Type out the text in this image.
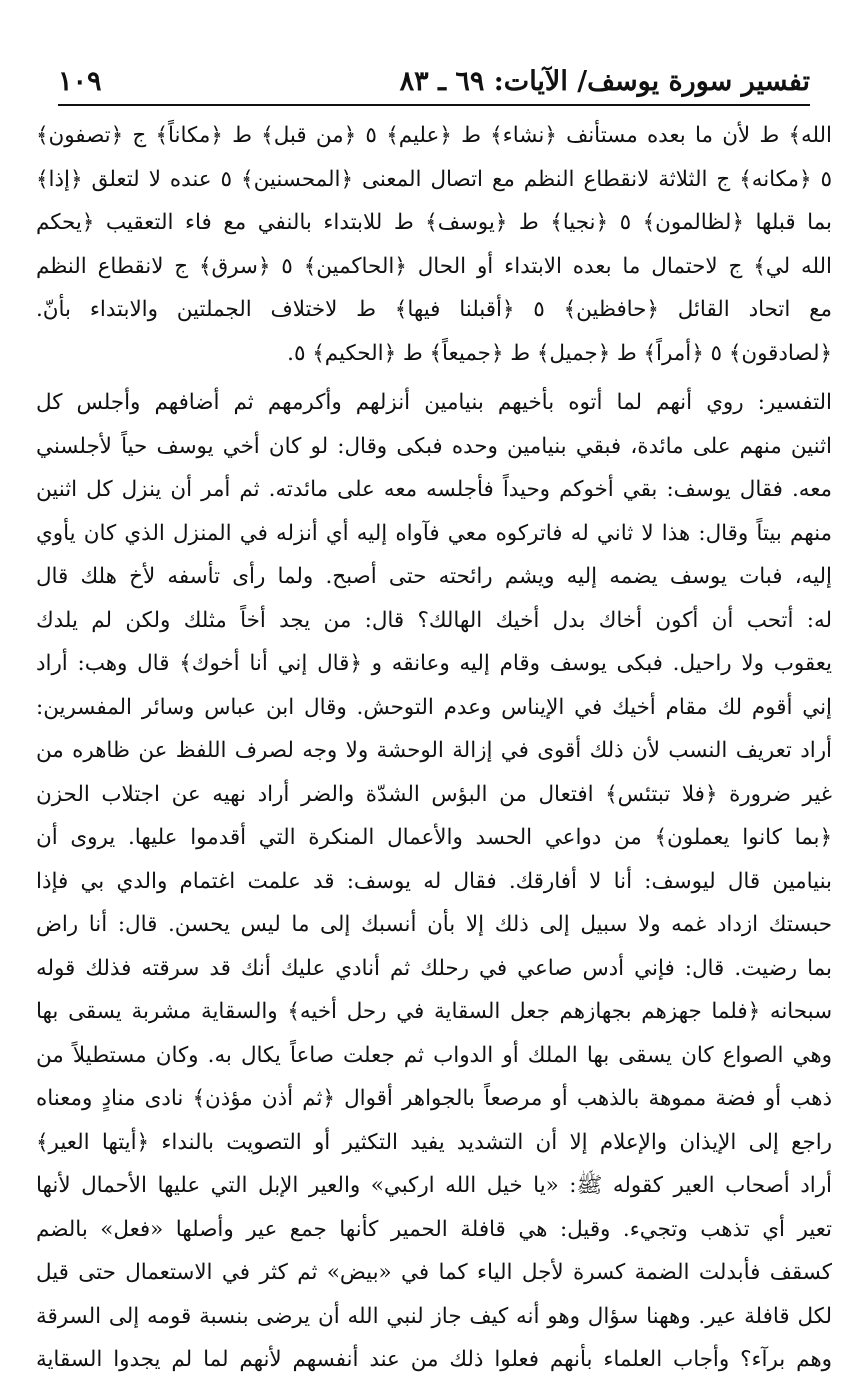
تفسير سورة يوسف/ الآيات: ٦٩ ـ ٨٣
١٠٩
الله﴾ ط لأن ما بعده مستأنف ﴿نشاء﴾ ط ﴿عليم﴾ ٥ ﴿من قبل﴾ ط ﴿مكاناً﴾ ج ﴿تصفون﴾
٥ ﴿مكانه﴾ ج الثلاثة لانقطاع النظم مع اتصال المعنى ﴿المحسنين﴾ ٥ عنده لا لتعلق ﴿إذا﴾
بما قبلها ﴿لظالمون﴾ ٥ ﴿نجيا﴾ ط ﴿يوسف﴾ ط للابتداء بالنفي مع فاء التعقيب ﴿يحكم
الله لي﴾ ج لاحتمال ما بعده الابتداء أو الحال ﴿الحاكمين﴾ ٥ ﴿سرق﴾ ج لانقطاع النظم
مع اتحاد القائل ﴿حافظين﴾ ٥ ﴿أقبلنا فيها﴾ ط لاختلاف الجملتين والابتداء بأنّ.
﴿لصادقون﴾ ٥ ﴿أمراً﴾ ط ﴿جميل﴾ ط ﴿جميعاً﴾ ط ﴿الحكيم﴾ ٥.
التفسير: روي أنهم لما أتوه بأخيهم بنيامين أنزلهم وأكرمهم ثم أضافهم وأجلس كل
اثنين منهم على مائدة، فبقي بنيامين وحده فبكى وقال: لو كان أخي يوسف حياً لأجلسني
معه. فقال يوسف: بقي أخوكم وحيداً فأجلسه معه على مائدته. ثم أمر أن ينزل كل اثنين
منهم بيتاً وقال: هذا لا ثاني له فاتركوه معي فآواه إليه أي أنزله في المنزل الذي كان يأوي
إليه، فبات يوسف يضمه إليه ويشم رائحته حتى أصبح. ولما رأى تأسفه لأخ هلك قال
له: أتحب أن أكون أخاك بدل أخيك الهالك؟ قال: من يجد أخاً مثلك ولكن لم يلدك
يعقوب ولا راحيل. فبكى يوسف وقام إليه وعانقه و ﴿قال إني أنا أخوك﴾ قال وهب: أراد
إني أقوم لك مقام أخيك في الإيناس وعدم التوحش. وقال ابن عباس وسائر المفسرين:
أراد تعريف النسب لأن ذلك أقوى في إزالة الوحشة ولا وجه لصرف اللفظ عن ظاهره من
غير ضرورة ﴿فلا تبتئس﴾ افتعال من البؤس الشدّة والضر أراد نهيه عن اجتلاب الحزن
﴿بما كانوا يعملون﴾ من دواعي الحسد والأعمال المنكرة التي أقدموا عليها. يروى أن
بنيامين قال ليوسف: أنا لا أفارقك. فقال له يوسف: قد علمت اغتمام والدي بي فإذا
حبستك ازداد غمه ولا سبيل إلى ذلك إلا بأن أنسبك إلى ما ليس يحسن. قال: أنا راض
بما رضيت. قال: فإني أدس صاعي في رحلك ثم أنادي عليك أنك قد سرقته فذلك قوله
سبحانه ﴿فلما جهزهم بجهازهم جعل السقاية في رحل أخيه﴾ والسقاية مشربة يسقى بها
وهي الصواع كان يسقى بها الملك أو الدواب ثم جعلت صاعاً يكال به. وكان مستطيلاً من
ذهب أو فضة مموهة بالذهب أو مرصعاً بالجواهر أقوال ﴿ثم أذن مؤذن﴾ نادى منادٍ ومعناه
راجع إلى الإيذان والإعلام إلا أن التشديد يفيد التكثير أو التصويت بالنداء ﴿أيتها العير﴾
أراد أصحاب العير كقوله ﷺ: «يا خيل الله اركبي» والعير الإبل التي عليها الأحمال لأنها
تعير أي تذهب وتجيء. وقيل: هي قافلة الحمير كأنها جمع عير وأصلها «فعل» بالضم
كسقف فأبدلت الضمة كسرة لأجل الياء كما في «بيض» ثم كثر في الاستعمال حتى قيل
لكل قافلة عير. وههنا سؤال وهو أنه كيف جاز لنبي الله أن يرضى بنسبة قومه إلى السرقة
وهم برآء؟ وأجاب العلماء بأنهم فعلوا ذلك من عند أنفسهم لأنهم لما لم يجدوا السقاية
